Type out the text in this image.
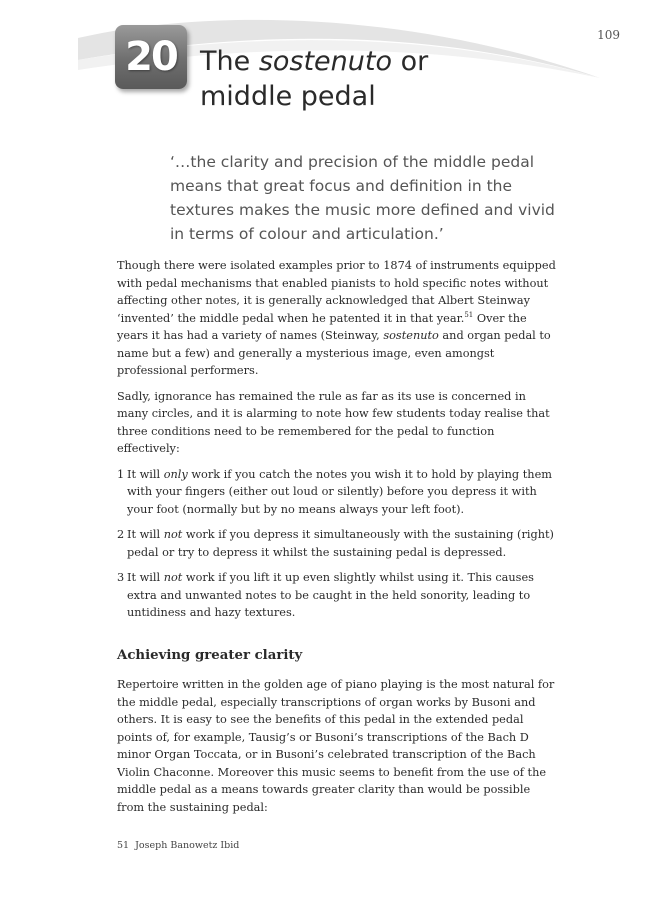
109
20 The sostenuto or
middle pedal

‘…the clarity and precision of the middle pedal means that great focus and definition in the textures makes the music more defined and vivid in terms of colour and articulation.’

Though there were isolated examples prior to 1874 of instruments equipped with pedal mechanisms that enabled pianists to hold specific notes without affecting other notes, it is generally acknowledged that Albert Steinway ‘invented’ the middle pedal when he patented it in that year.$^{51}$ Over the years it has had a variety of names (Steinway, sostenuto and organ pedal to name but a few) and generally a mysterious image, even amongst professional performers.

Sadly, ignorance has remained the rule as far as its use is concerned in many circles, and it is alarming to note how few students today realise that three conditions need to be remembered for the pedal to function effectively:

1 It will only work if you catch the notes you wish it to hold by playing them with your fingers (either out loud or silently) before you depress it with your foot (normally but by no means always your left foot).
2 It will not work if you depress it simultaneously with the sustaining (right) pedal or try to depress it whilst the sustaining pedal is depressed.
3 It will not work if you lift it up even slightly whilst using it. This causes extra and unwanted notes to be caught in the held sonority, leading to untidiness and hazy textures.
Achieving greater clarity

Repertoire written in the golden age of piano playing is the most natural for the middle pedal, especially transcriptions of organ works by Busoni and others. It is easy to see the benefits of this pedal in the extended pedal points of, for example, Tausig’s or Busoni’s transcriptions of the Bach D minor Organ Toccata, or in Busoni’s celebrated transcription of the Bach Violin Chaconne. Moreover this music seems to benefit from the use of the middle pedal as a means towards greater clarity than would be possible from the sustaining pedal:

51 Joseph Banowetz Ibid
